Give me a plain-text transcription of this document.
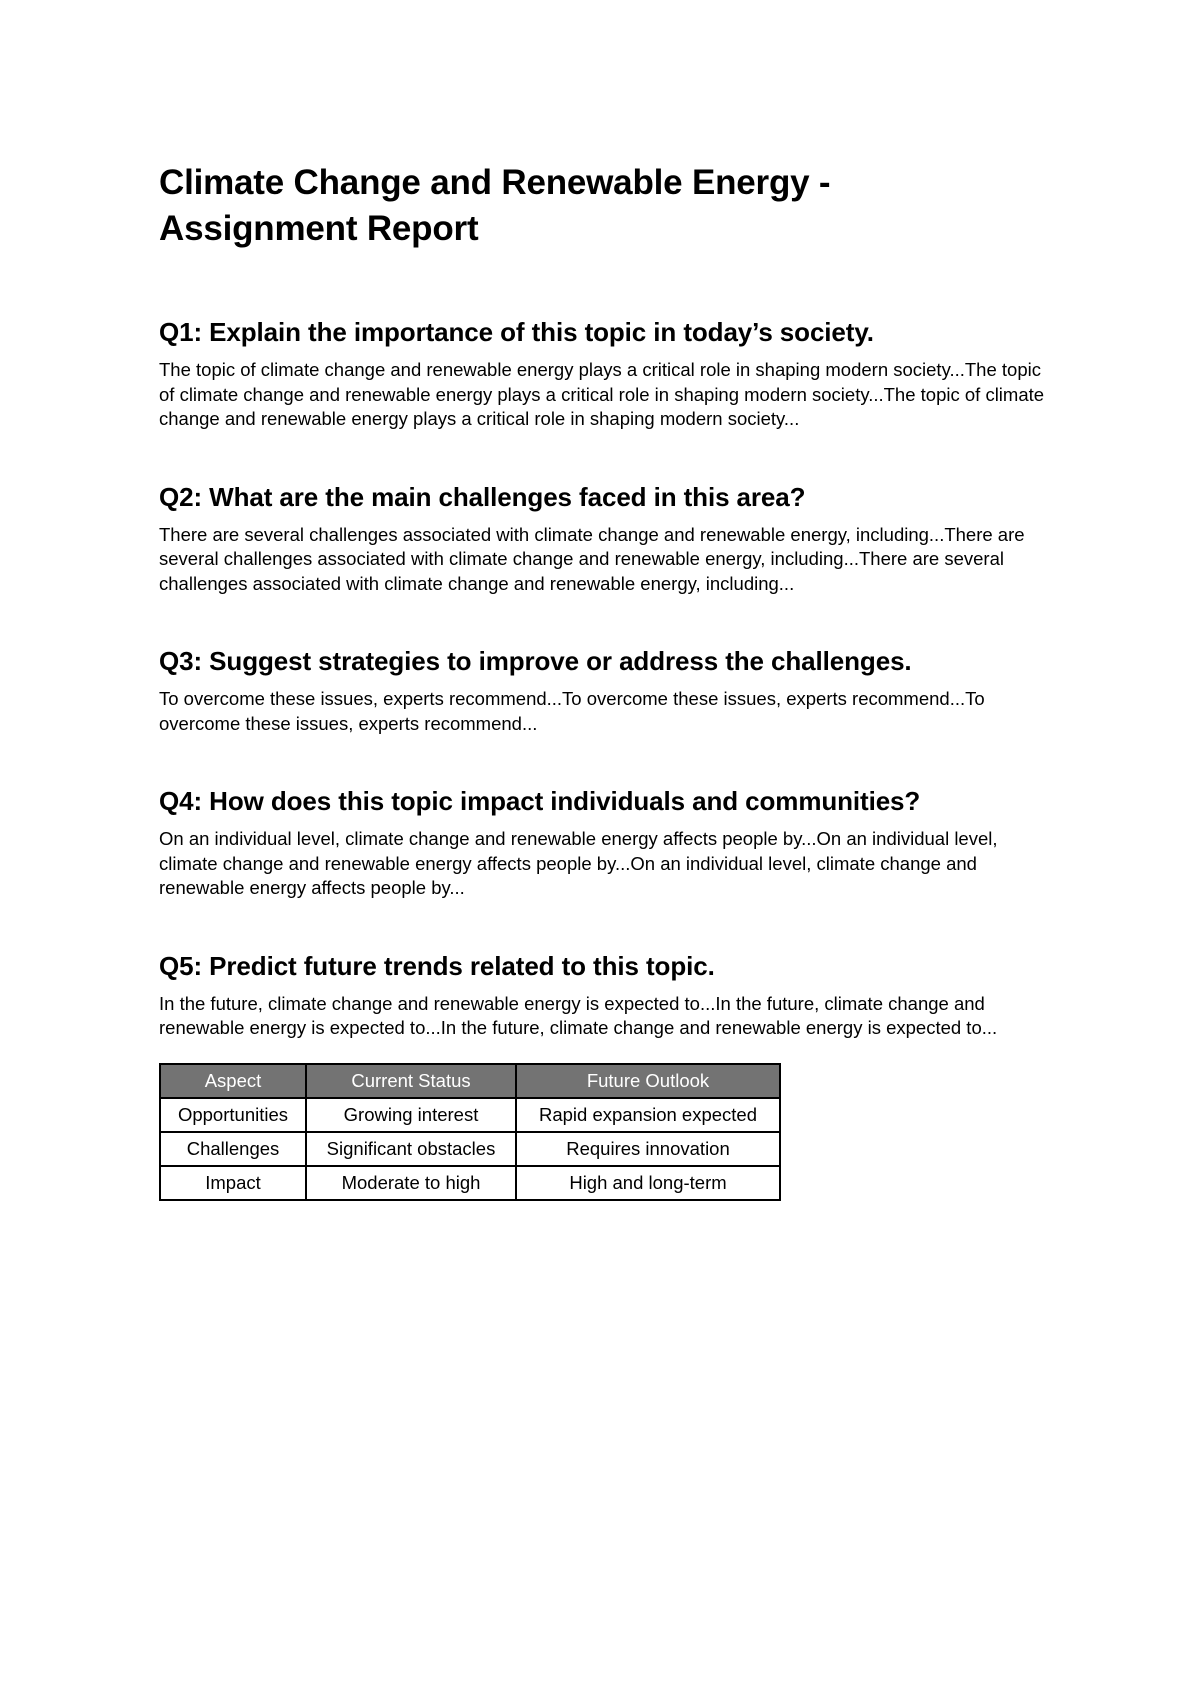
Climate Change and Renewable Energy -
Assignment Report
Q1: Explain the importance of this topic in today’s society.

The topic of climate change and renewable energy plays a critical role in shaping modern society...The topic of climate change and renewable energy plays a critical role in shaping modern society...The topic of climate change and renewable energy plays a critical role in shaping modern society...

Q2: What are the main challenges faced in this area?

There are several challenges associated with climate change and renewable energy, including...There are several challenges associated with climate change and renewable energy, including...There are several challenges associated with climate change and renewable energy, including...

Q3: Suggest strategies to improve or address the challenges.

To overcome these issues, experts recommend...To overcome these issues, experts recommend...To overcome these issues, experts recommend...

Q4: How does this topic impact individuals and communities?

On an individual level, climate change and renewable energy affects people by...On an individual level, climate change and renewable energy affects people by...On an individual level, climate change and renewable energy affects people by...

Q5: Predict future trends related to this topic.

In the future, climate change and renewable energy is expected to...In the future, climate change and renewable energy is expected to...In the future, climate change and renewable energy is expected to...

Aspect	Current Status	Future Outlook
Opportunities	Growing interest	Rapid expansion expected
Challenges	Significant obstacles	Requires innovation
Impact	Moderate to high	High and long-term
